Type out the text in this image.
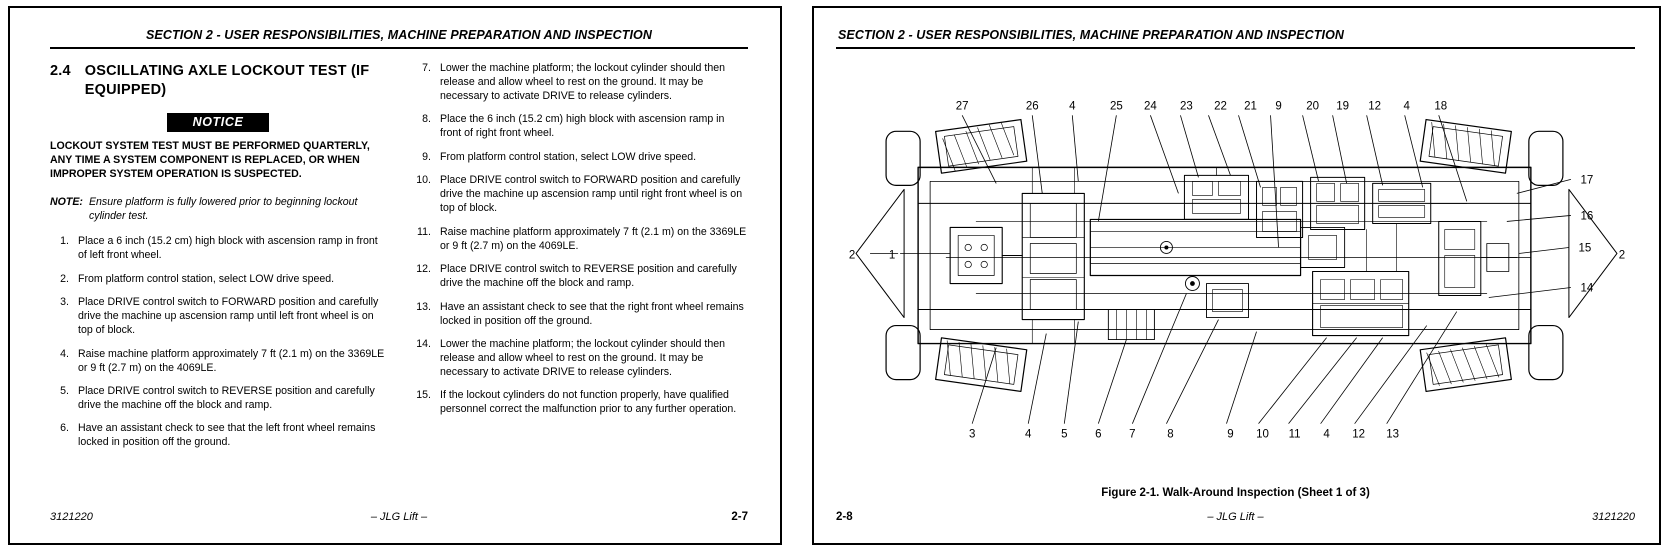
SECTION 2 - USER RESPONSIBILITIES, MACHINE PREPARATION AND INSPECTION
2.4 OSCILLATING AXLE LOCKOUT TEST (IF EQUIPPED)
NOTICE
LOCKOUT SYSTEM TEST MUST BE PERFORMED QUARTERLY, ANY TIME A SYSTEM COMPONENT IS REPLACED, OR WHEN IMPROPER SYSTEM OPERATION IS SUSPECTED.
NOTE: Ensure platform is fully lowered prior to beginning lockout cylinder test.
1. Place a 6 inch (15.2 cm) high block with ascension ramp in front of left front wheel.
2. From platform control station, select LOW drive speed.
3. Place DRIVE control switch to FORWARD position and carefully drive the machine up ascension ramp until left front wheel is on top of block.
4. Raise machine platform approximately 7 ft (2.1 m) on the 3369LE or 9 ft (2.7 m) on the 4069LE.
5. Place DRIVE control switch to REVERSE position and carefully drive the machine off the block and ramp.
6. Have an assistant check to see that the left front wheel remains locked in position off the ground.
7. Lower the machine platform; the lockout cylinder should then release and allow wheel to rest on the ground. It may be necessary to activate DRIVE to release cylinders.
8. Place the 6 inch (15.2 cm) high block with ascension ramp in front of right front wheel.
9. From platform control station, select LOW drive speed.
10. Place DRIVE control switch to FORWARD position and carefully drive the machine up ascension ramp until right front wheel is on top of block.
11. Raise machine platform approximately 7 ft (2.1 m) on the 3369LE or 9 ft (2.7 m) on the 4069LE.
12. Place DRIVE control switch to REVERSE position and carefully drive the machine off the block and ramp.
13. Have an assistant check to see that the right front wheel remains locked in position off the ground.
14. Lower the machine platform; the lockout cylinder should then release and allow wheel to rest on the ground. It may be necessary to activate DRIVE to release cylinders.
15. If the lockout cylinders do not function properly, have qualified personnel correct the malfunction prior to any further operation.
3121220	– JLG Lift –	2-7
SECTION 2 - USER RESPONSIBILITIES, MACHINE PREPARATION AND INSPECTION
27	26	4	25 24 23 22 21 9 20 19 12 4 18
3	4	5 6 7	8	9 10 11 4 12 13
2	1
17
16
15
2
14
Figure 2-1. Walk-Around Inspection (Sheet 1 of 3)
2-8	– JLG Lift –	3121220
